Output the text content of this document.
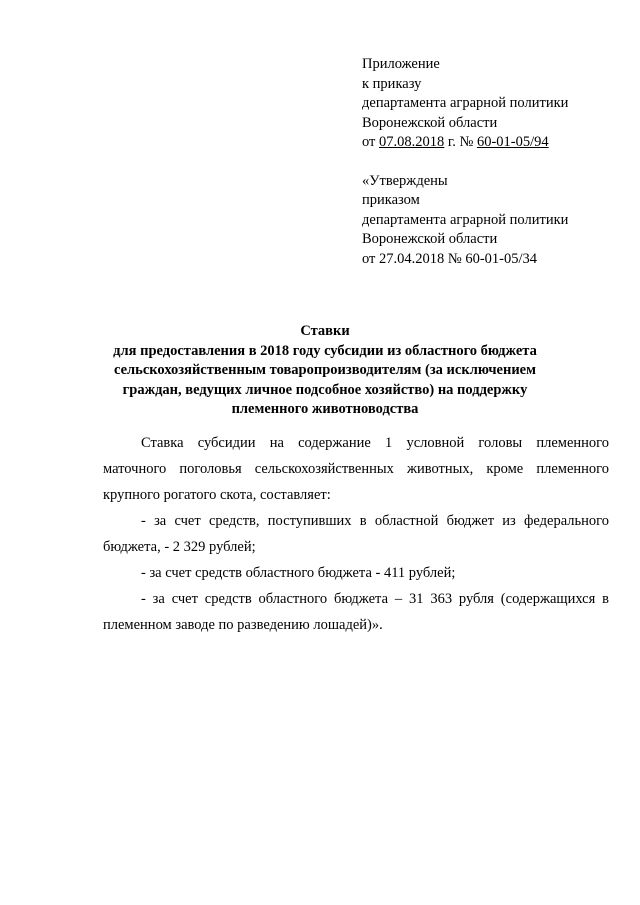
Приложение
к приказу
департамента аграрной политики
Воронежской области
от 07.08.2018 г. № 60-01-05/94
«Утверждены
приказом
департамента аграрной политики
Воронежской области
от 27.04.2018 № 60-01-05/34
Ставки
для предоставления в 2018 году субсидии из областного бюджета
сельскохозяйственным товаропроизводителям (за исключением
граждан, ведущих личное подсобное хозяйство) на поддержку
племенного животноводства
Ставка субсидии на содержание 1 условной головы племенного
маточного поголовья сельскохозяйственных животных, кроме племенного
крупного рогатого скота, составляет:
- за счет средств, поступивших в областной бюджет из федерального
бюджета, - 2 329 рублей;
- за счет средств областного бюджета - 411 рублей;
- за счет средств областного бюджета – 31 363 рубля (содержащихся в
племенном заводе по разведению лошадей)».
